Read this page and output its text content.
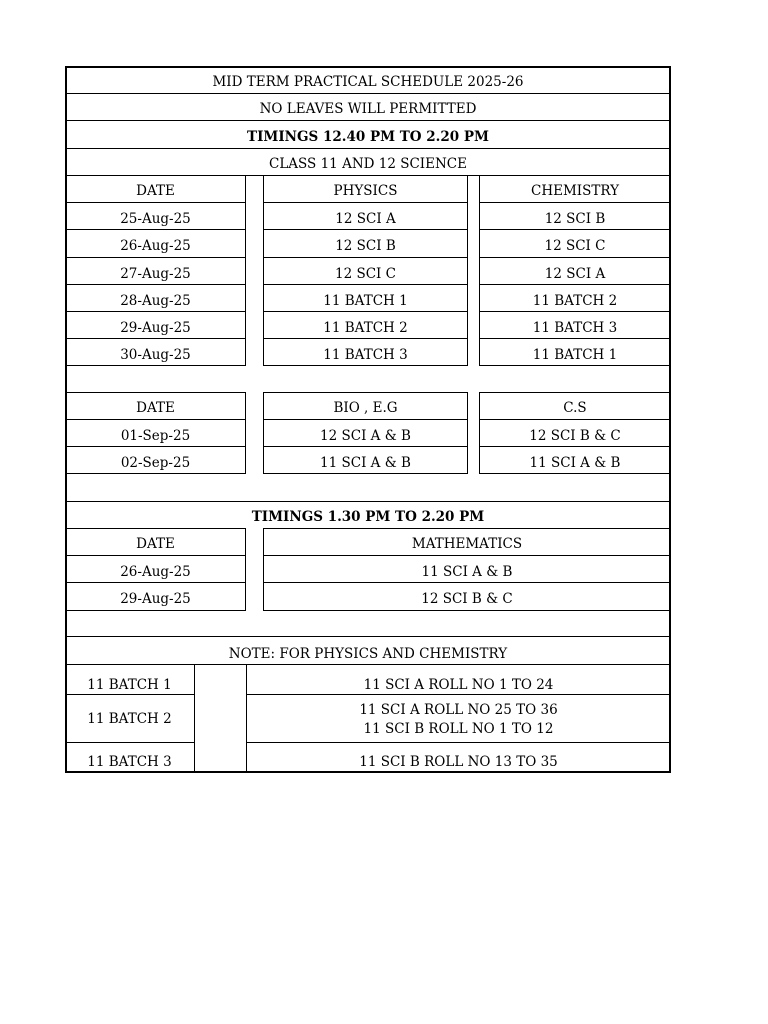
MID TERM PRACTICAL SCHEDULE 2025-26
NO LEAVES WILL PERMITTED
TIMINGS 12.40 PM TO 2.20 PM
CLASS 11 AND 12 SCIENCE
DATE
25-Aug-25
26-Aug-25
27-Aug-25
28-Aug-25
29-Aug-25
30-Aug-25
PHYSICS
12 SCI A
12 SCI B
12 SCI C
11 BATCH 1
11 BATCH 2
11 BATCH 3
CHEMISTRY
12 SCI B
12 SCI C
12 SCI A
11 BATCH 2
11 BATCH 3
11 BATCH 1
DATE
01-Sep-25
02-Sep-25
BIO , E.G
12 SCI A & B
11 SCI A & B
C.S
12 SCI B & C
11 SCI A & B
TIMINGS 1.30 PM TO 2.20 PM
DATE
26-Aug-25
29-Aug-25
MATHEMATICS
11 SCI A & B
12 SCI B & C
NOTE: FOR PHYSICS AND CHEMISTRY
11 BATCH 1	11 SCI A ROLL NO 1 TO 24
11 BATCH 2
11 SCI A ROLL NO 25 TO 36
11 SCI B ROLL NO 1 TO 12
11 BATCH 3	11 SCI B ROLL NO 13 TO 35
